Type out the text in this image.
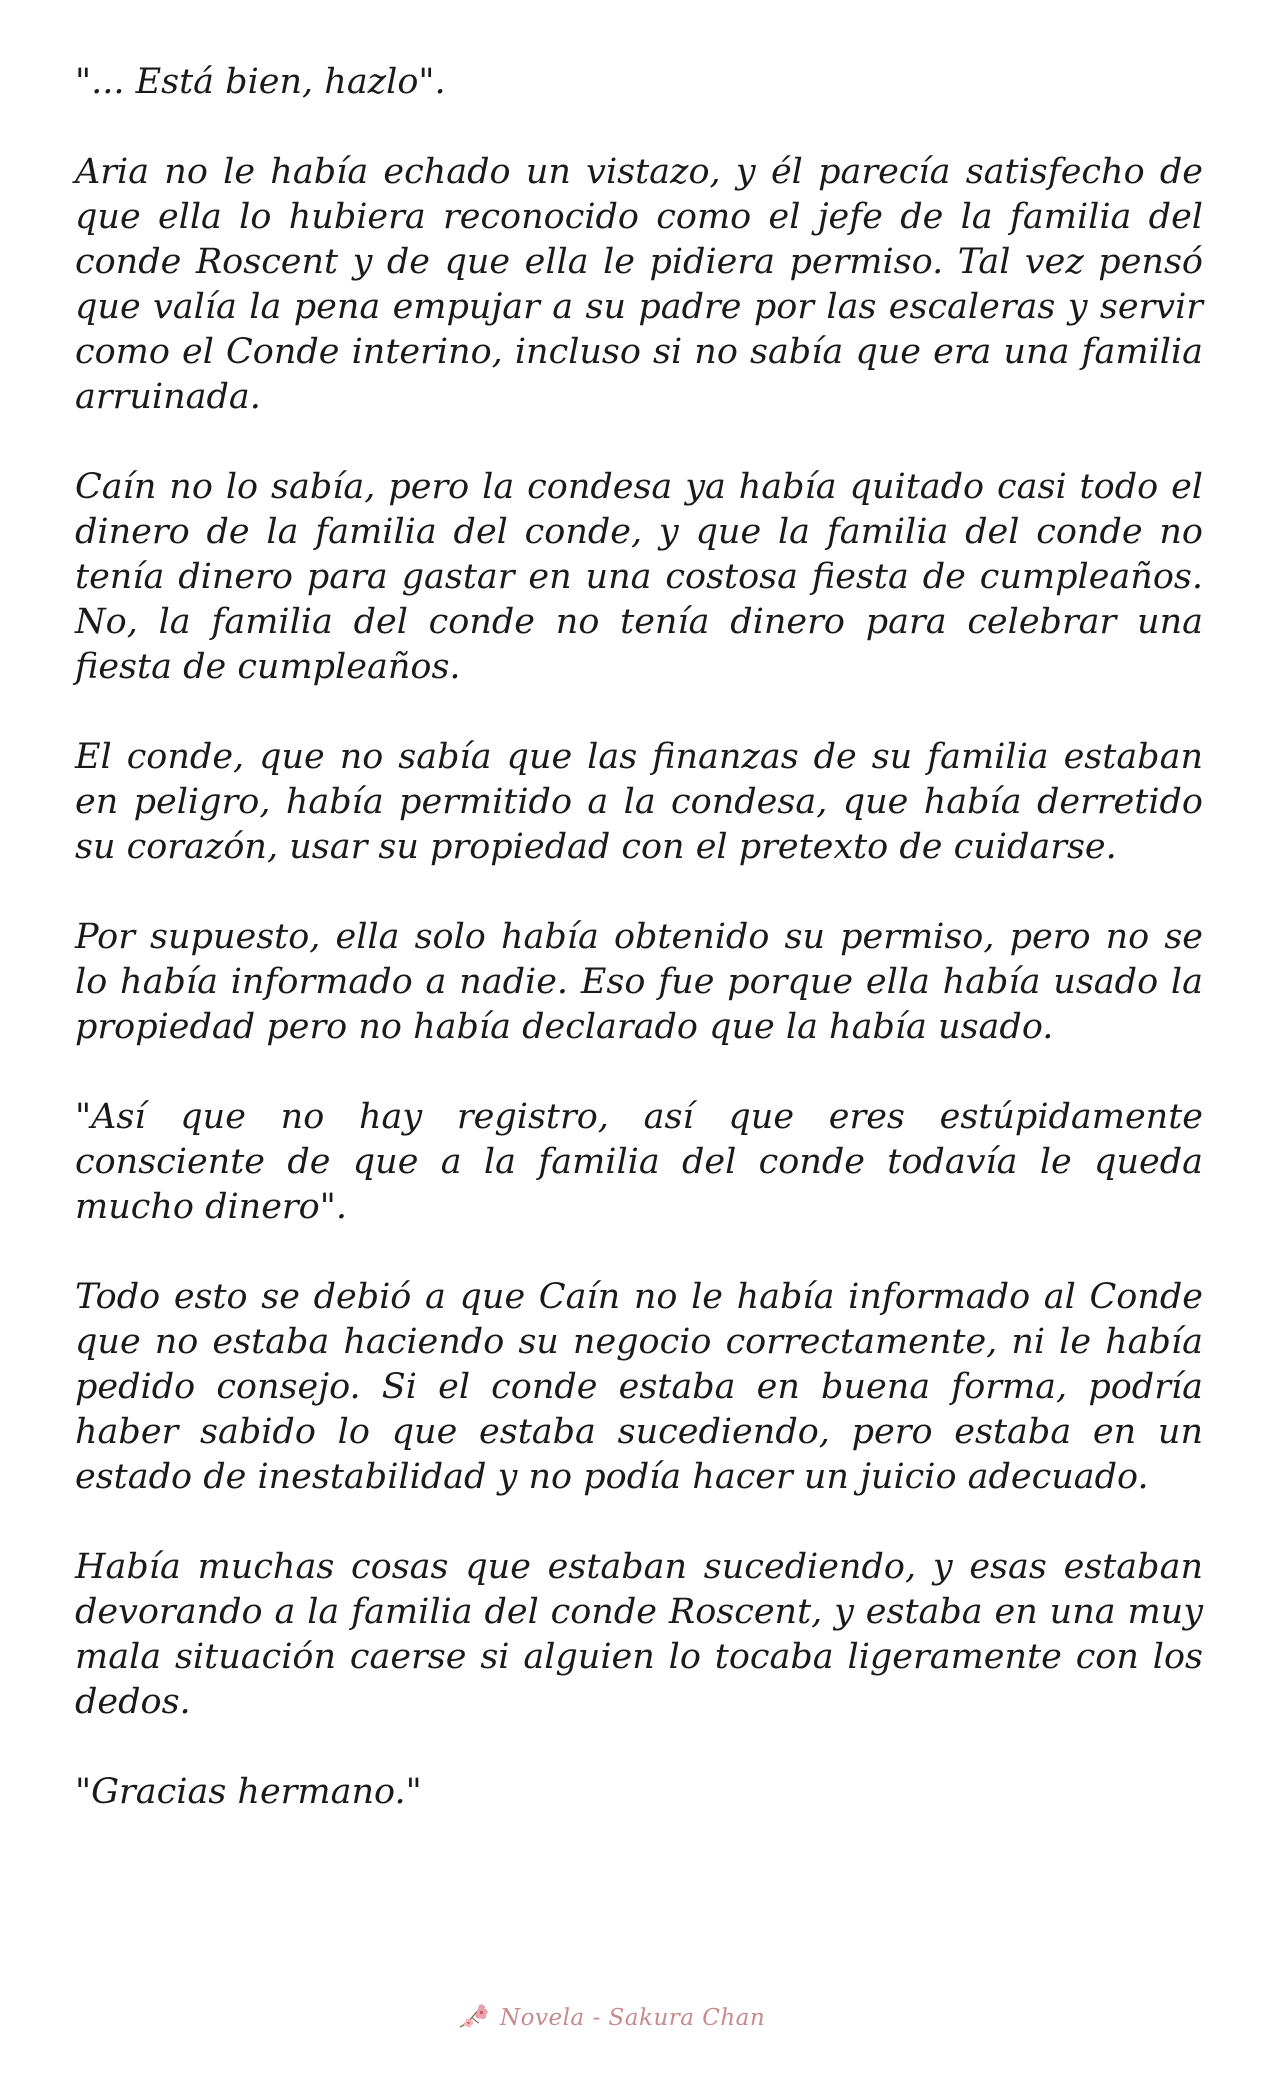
"... Está bien, hazlo".

Aria no le había echado un vistazo, y él parecía satisfecho de que ella lo hubiera reconocido como el jefe de la familia del conde Roscent y de que ella le pidiera permiso. Tal vez pensó que valía la pena empujar a su padre por las escaleras y servir como el Conde interino, incluso si no sabía que era una familia arruinada.

Caín no lo sabía, pero la condesa ya había quitado casi todo el dinero de la familia del conde, y que la familia del conde no tenía dinero para gastar en una costosa fiesta de cumpleaños. No, la familia del conde no tenía dinero para celebrar una fiesta de cumpleaños.

El conde, que no sabía que las finanzas de su familia estaban en peligro, había permitido a la condesa, que había derretido su corazón, usar su propiedad con el pretexto de cuidarse.

Por supuesto, ella solo había obtenido su permiso, pero no se lo había informado a nadie. Eso fue porque ella había usado la propiedad pero no había declarado que la había usado.

"Así que no hay registro, así que eres estúpidamente consciente de que a la familia del conde todavía le queda mucho dinero".

Todo esto se debió a que Caín no le había informado al Conde que no estaba haciendo su negocio correctamente, ni le había pedido consejo. Si el conde estaba en buena forma, podría haber sabido lo que estaba sucediendo, pero estaba en un estado de inestabilidad y no podía hacer un juicio adecuado.

Había muchas cosas que estaban sucediendo, y esas estaban devorando a la familia del conde Roscent, y estaba en una muy mala situación caerse si alguien lo tocaba ligeramente con los dedos.

"Gracias hermano."

Novela - Sakura Chan
